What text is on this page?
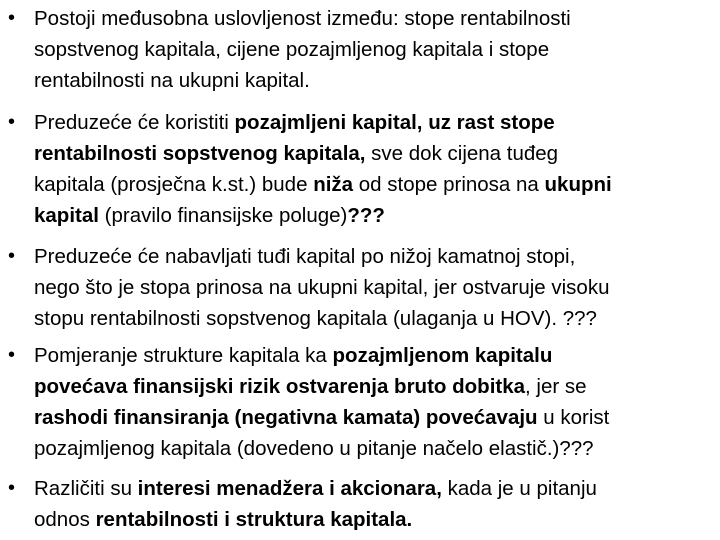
• Postoji međusobna uslovljenost između: stope rentabilnosti
sopstvenog kapitala, cijene pozajmljenog kapitala i stope
rentabilnosti na ukupni kapital.
• Preduzeće će koristiti pozajmljeni kapital, uz rast stope
rentabilnosti sopstvenog kapitala, sve dok cijena tuđeg
kapitala (prosječna k.st.) bude niža od stope prinosa na ukupni
kapital (pravilo finansijske poluge)???
• Preduzeće će nabavljati tuđi kapital po nižoj kamatnoj stopi,
nego što je stopa prinosa na ukupni kapital, jer ostvaruje visoku
stopu rentabilnosti sopstvenog kapitala (ulaganja u HOV). ???
• Pomjeranje strukture kapitala ka pozajmljenom kapitalu
povećava finansijski rizik ostvarenja bruto dobitka, jer se
rashodi finansiranja (negativna kamata) povećavaju u korist
pozajmljenog kapitala (dovedeno u pitanje načelo elastič.)???
• Različiti su interesi menadžera i akcionara, kada je u pitanju
odnos rentabilnosti i struktura kapitala.
